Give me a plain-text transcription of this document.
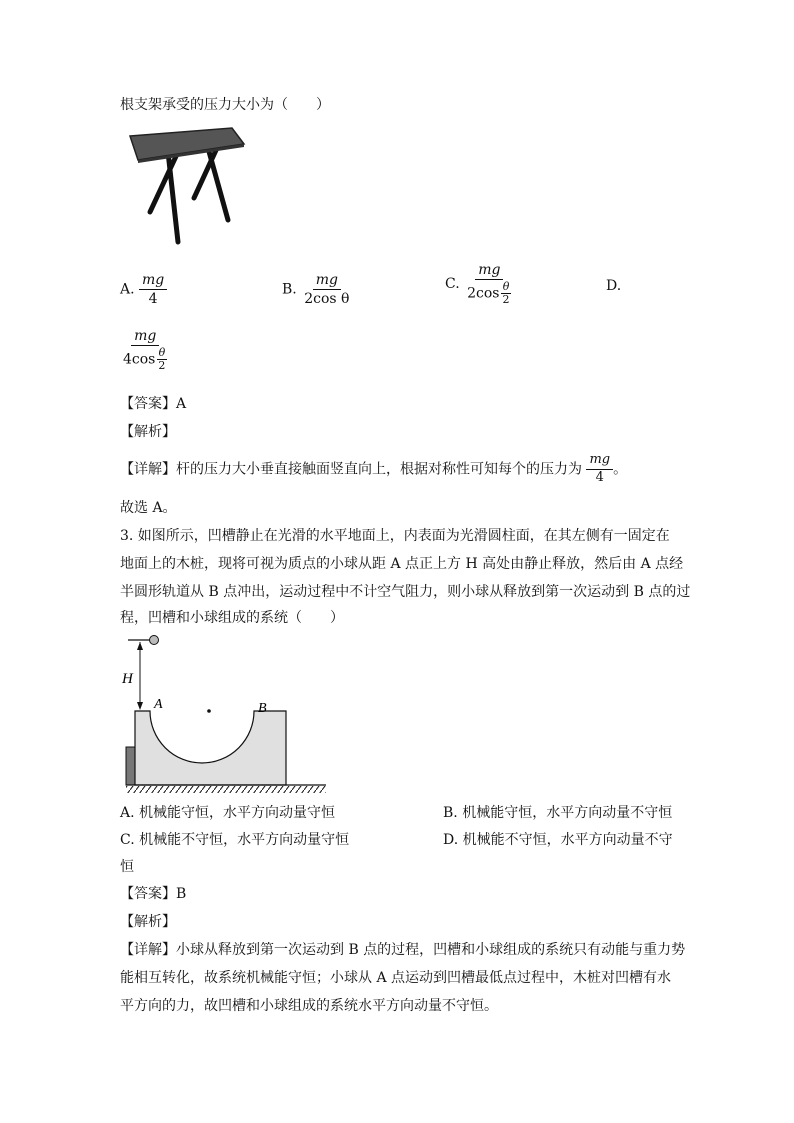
根支架承受的压力大小为（　　）
A. $\frac{mg}{4}$	B. $\frac{mg}{\text{2cos θ}}$	C. $\frac{mg}{2\cos \frac{\theta}{2}}$	D.
$\frac{mg}{4\cos \frac{\theta}{2}}$
【答案】A
【解析】
【详解】杆的压力大小垂直接触面竖直向上，根据对称性可知每个的压力为 $\frac{mg}{4}$ 。
故选 A。
3. 如图所示，凹槽静止在光滑的水平地面上，内表面为光滑圆柱面，在其左侧有一固定在
地面上的木桩，现将可视为质点的小球从距 A 点正上方 H 高处由静止释放，然后由 A 点经
半圆形轨道从 B 点冲出，运动过程中不计空气阻力，则小球从释放到第一次运动到 B 点的过
程，凹槽和小球组成的系统（　　）
H
A	B
A. 机械能守恒，水平方向动量守恒	B. 机械能守恒，水平方向动量不守恒
C. 机械能不守恒，水平方向动量守恒	D. 机械能不守恒，水平方向动量不守
恒
【答案】B
【解析】
【详解】小球从释放到第一次运动到 B 点的过程，凹槽和小球组成的系统只有动能与重力势
能相互转化，故系统机械能守恒；小球从 A 点运动到凹槽最低点过程中，木桩对凹槽有水
平方向的力，故凹槽和小球组成的系统水平方向动量不守恒。
